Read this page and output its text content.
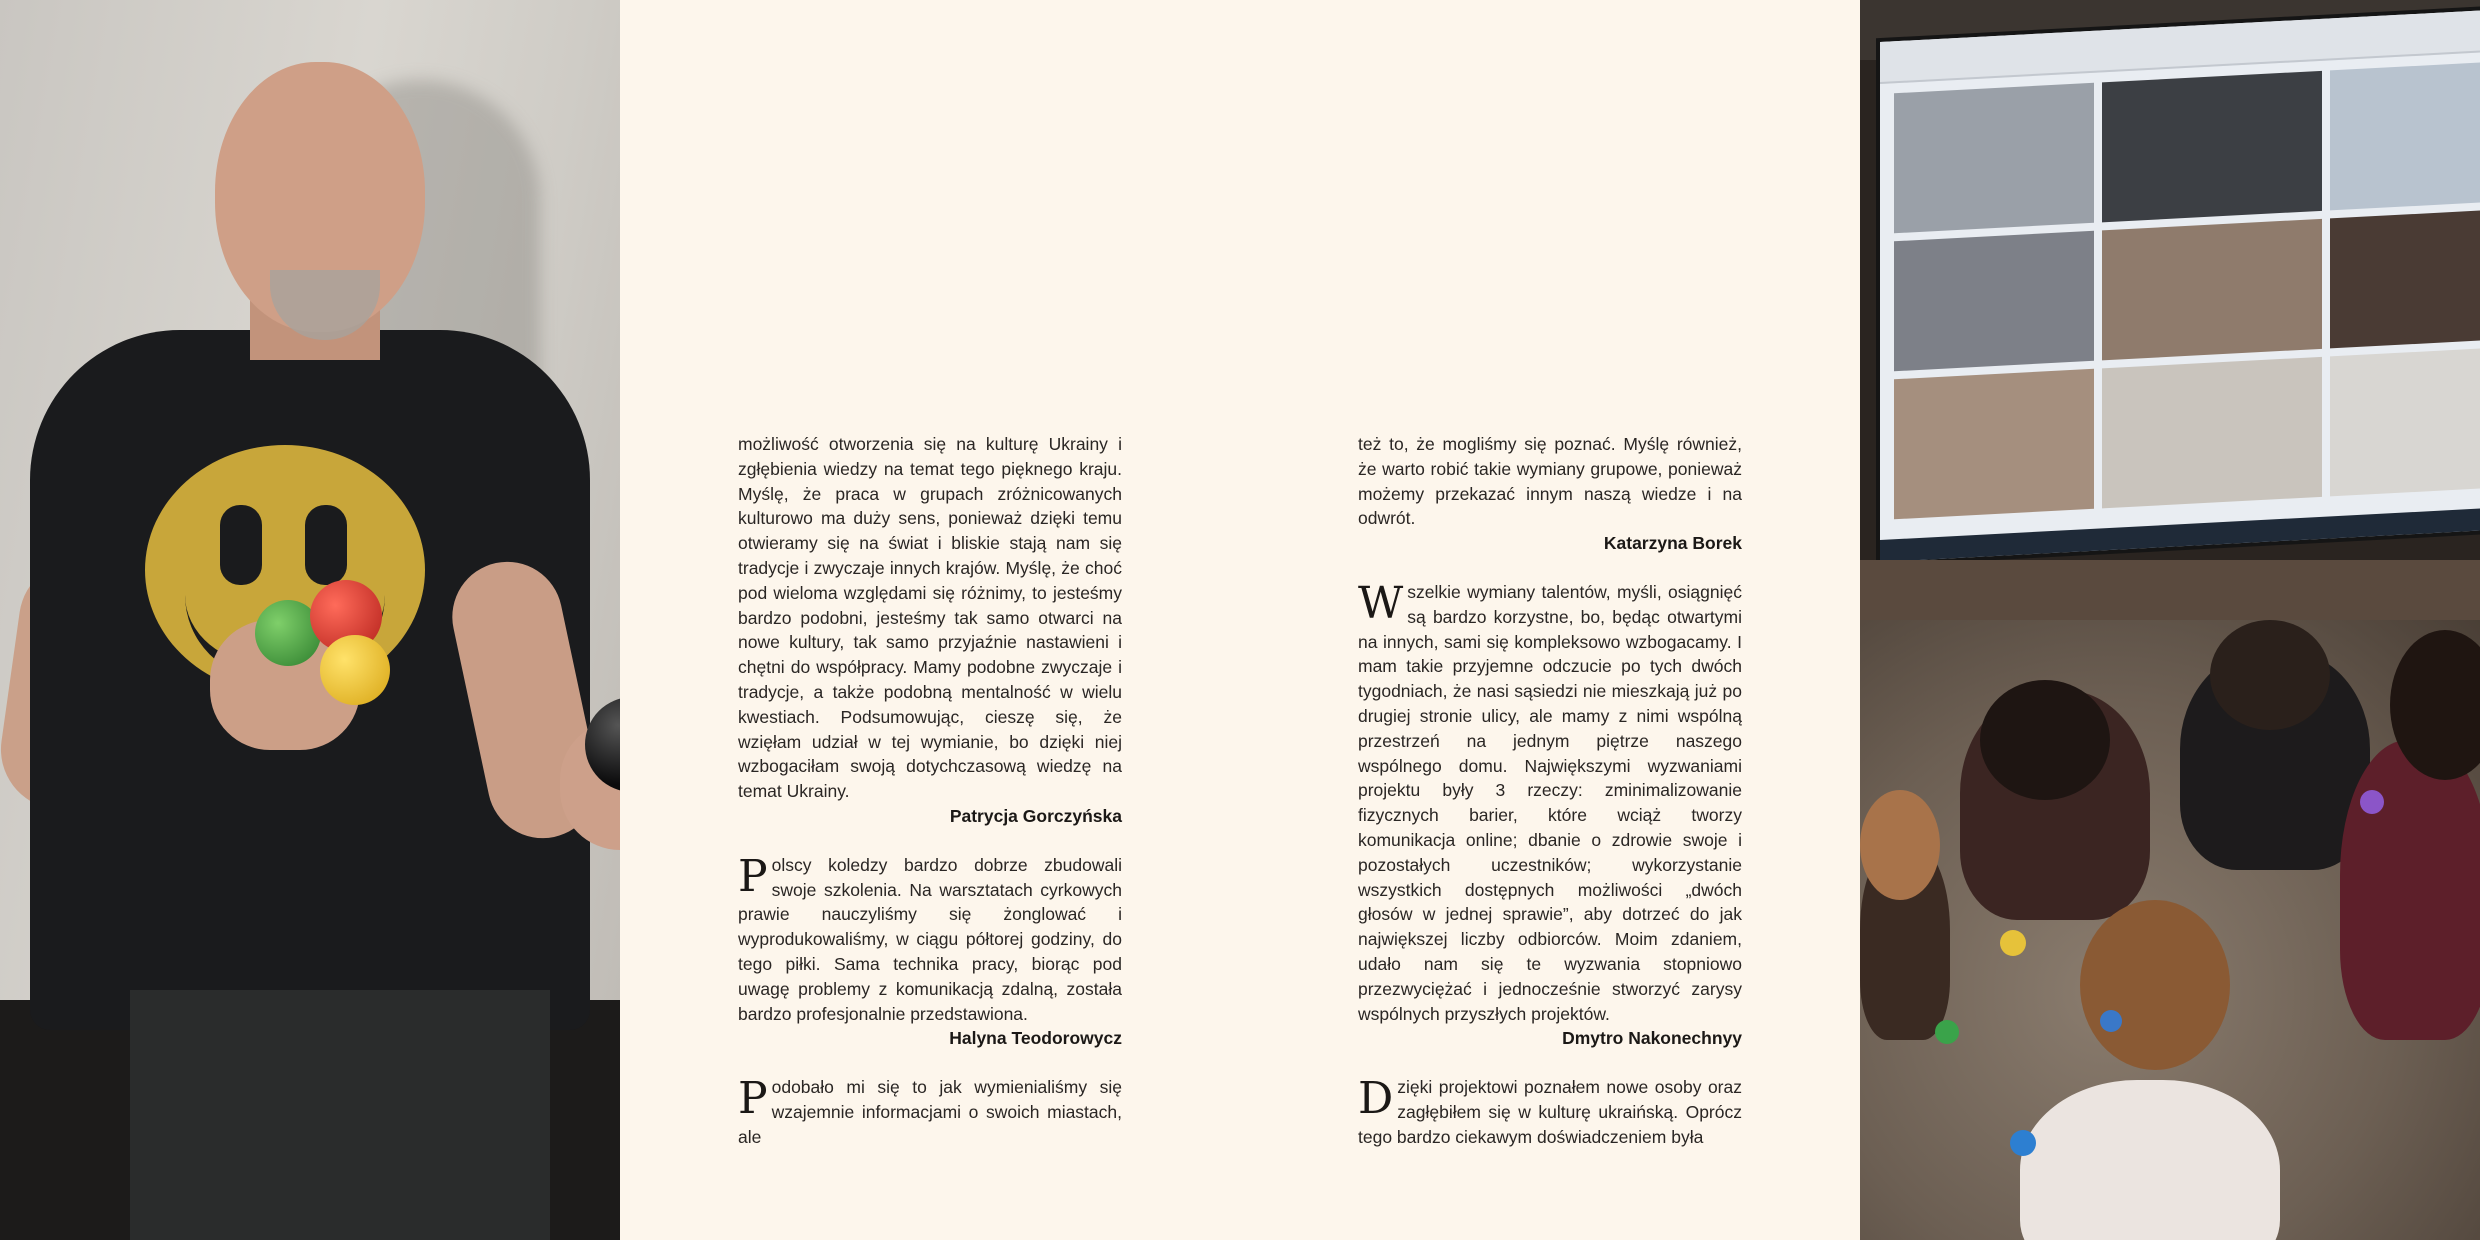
możliwość otworzenia się na kulturę Ukrainy i zgłębienia wiedzy na temat tego pięknego kraju. Myślę, że praca w grupach zróżnicowanych kulturowo ma duży sens, ponieważ dzięki temu otwieramy się na świat i bliskie stają nam się tradycje i zwyczaje innych krajów. Myślę, że choć pod wieloma względami się różnimy, to jesteśmy bardzo podobni, jesteśmy tak samo otwarci na nowe kultury, tak samo przyjaźnie nastawieni i chętni do współpracy. Mamy podobne zwyczaje i tradycje, a także podobną mentalność w wielu kwestiach. Podsumowując, cieszę się, że wzięłam udział w tej wymianie, bo dzięki niej wzbogaciłam swoją dotychczasową wiedzę na temat Ukrainy.

Patrycja Gorczyńska

Polscy koledzy bardzo dobrze zbudowali swoje szkolenia. Na warsztatach cyrkowych prawie nauczyliśmy się żonglować i wyprodukowaliśmy, w ciągu półtorej godziny, do tego piłki. Sama technika pracy, biorąc pod uwagę problemy z komunikacją zdalną, została bardzo profesjonalnie przedstawiona.

Halyna Teodorowycz

Podobało mi się to jak wymienialiśmy się wzajemnie informacjami o swoich miastach, ale

też to, że mogliśmy się poznać. Myślę również, że warto robić takie wymiany grupowe, ponieważ możemy przekazać innym naszą wiedze i na odwrót.

Katarzyna Borek

Wszelkie wymiany talentów, myśli, osiągnięć są bardzo korzystne, bo, będąc otwartymi na innych, sami się kompleksowo wzbogacamy. I mam takie przyjemne odczucie po tych dwóch tygodniach, że nasi sąsiedzi nie mieszkają już po drugiej stronie ulicy, ale mamy z nimi wspólną przestrzeń na jednym piętrze naszego wspólnego domu. Największymi wyzwaniami projektu były 3 rzeczy: zminimalizowanie fizycznych barier, które wciąż tworzy komunikacja online; dbanie o zdrowie swoje i pozostałych uczestników; wykorzystanie wszystkich dostępnych możliwości „dwóch głosów w jednej sprawie”, aby dotrzeć do jak największej liczby odbiorców. Moim zdaniem, udało nam się te wyzwania stopniowo przezwyciężać i jednocześnie stworzyć zarysy wspólnych przyszłych projektów.

Dmytro Nakonechnyy

Dzięki projektowi poznałem nowe osoby oraz zagłębiłem się w kulturę ukraińską. Oprócz tego bardzo ciekawym doświadczeniem była
